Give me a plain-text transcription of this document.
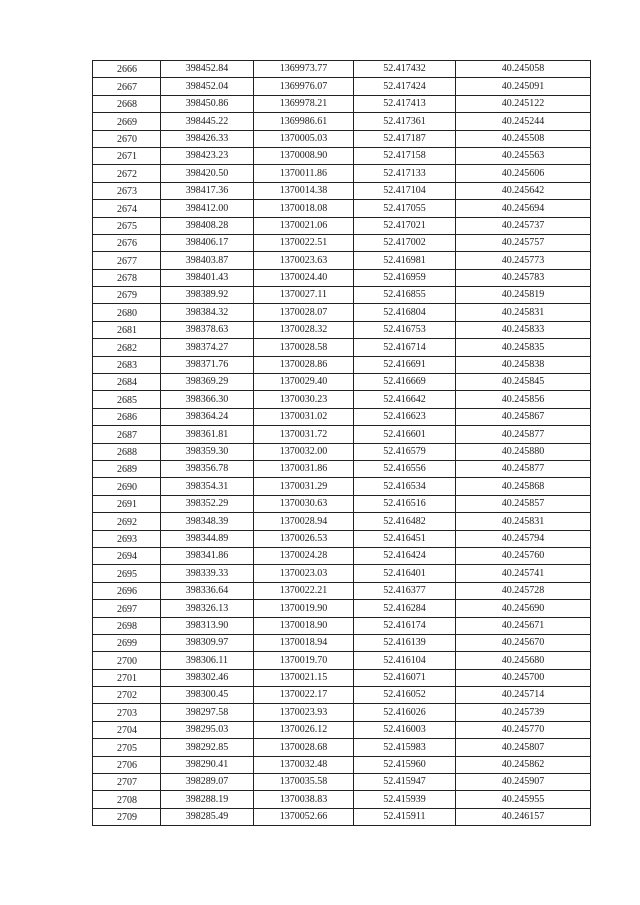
2666	398452.84	1369973.77	52.417432	40.245058
2667	398452.04	1369976.07	52.417424	40.245091
2668	398450.86	1369978.21	52.417413	40.245122
2669	398445.22	1369986.61	52.417361	40.245244
2670	398426.33	1370005.03	52.417187	40.245508
2671	398423.23	1370008.90	52.417158	40.245563
2672	398420.50	1370011.86	52.417133	40.245606
2673	398417.36	1370014.38	52.417104	40.245642
2674	398412.00	1370018.08	52.417055	40.245694
2675	398408.28	1370021.06	52.417021	40.245737
2676	398406.17	1370022.51	52.417002	40.245757
2677	398403.87	1370023.63	52.416981	40.245773
2678	398401.43	1370024.40	52.416959	40.245783
2679	398389.92	1370027.11	52.416855	40.245819
2680	398384.32	1370028.07	52.416804	40.245831
2681	398378.63	1370028.32	52.416753	40.245833
2682	398374.27	1370028.58	52.416714	40.245835
2683	398371.76	1370028.86	52.416691	40.245838
2684	398369.29	1370029.40	52.416669	40.245845
2685	398366.30	1370030.23	52.416642	40.245856
2686	398364.24	1370031.02	52.416623	40.245867
2687	398361.81	1370031.72	52.416601	40.245877
2688	398359.30	1370032.00	52.416579	40.245880
2689	398356.78	1370031.86	52.416556	40.245877
2690	398354.31	1370031.29	52.416534	40.245868
2691	398352.29	1370030.63	52.416516	40.245857
2692	398348.39	1370028.94	52.416482	40.245831
2693	398344.89	1370026.53	52.416451	40.245794
2694	398341.86	1370024.28	52.416424	40.245760
2695	398339.33	1370023.03	52.416401	40.245741
2696	398336.64	1370022.21	52.416377	40.245728
2697	398326.13	1370019.90	52.416284	40.245690
2698	398313.90	1370018.90	52.416174	40.245671
2699	398309.97	1370018.94	52.416139	40.245670
2700	398306.11	1370019.70	52.416104	40.245680
2701	398302.46	1370021.15	52.416071	40.245700
2702	398300.45	1370022.17	52.416052	40.245714
2703	398297.58	1370023.93	52.416026	40.245739
2704	398295.03	1370026.12	52.416003	40.245770
2705	398292.85	1370028.68	52.415983	40.245807
2706	398290.41	1370032.48	52.415960	40.245862
2707	398289.07	1370035.58	52.415947	40.245907
2708	398288.19	1370038.83	52.415939	40.245955
2709	398285.49	1370052.66	52.415911	40.246157
